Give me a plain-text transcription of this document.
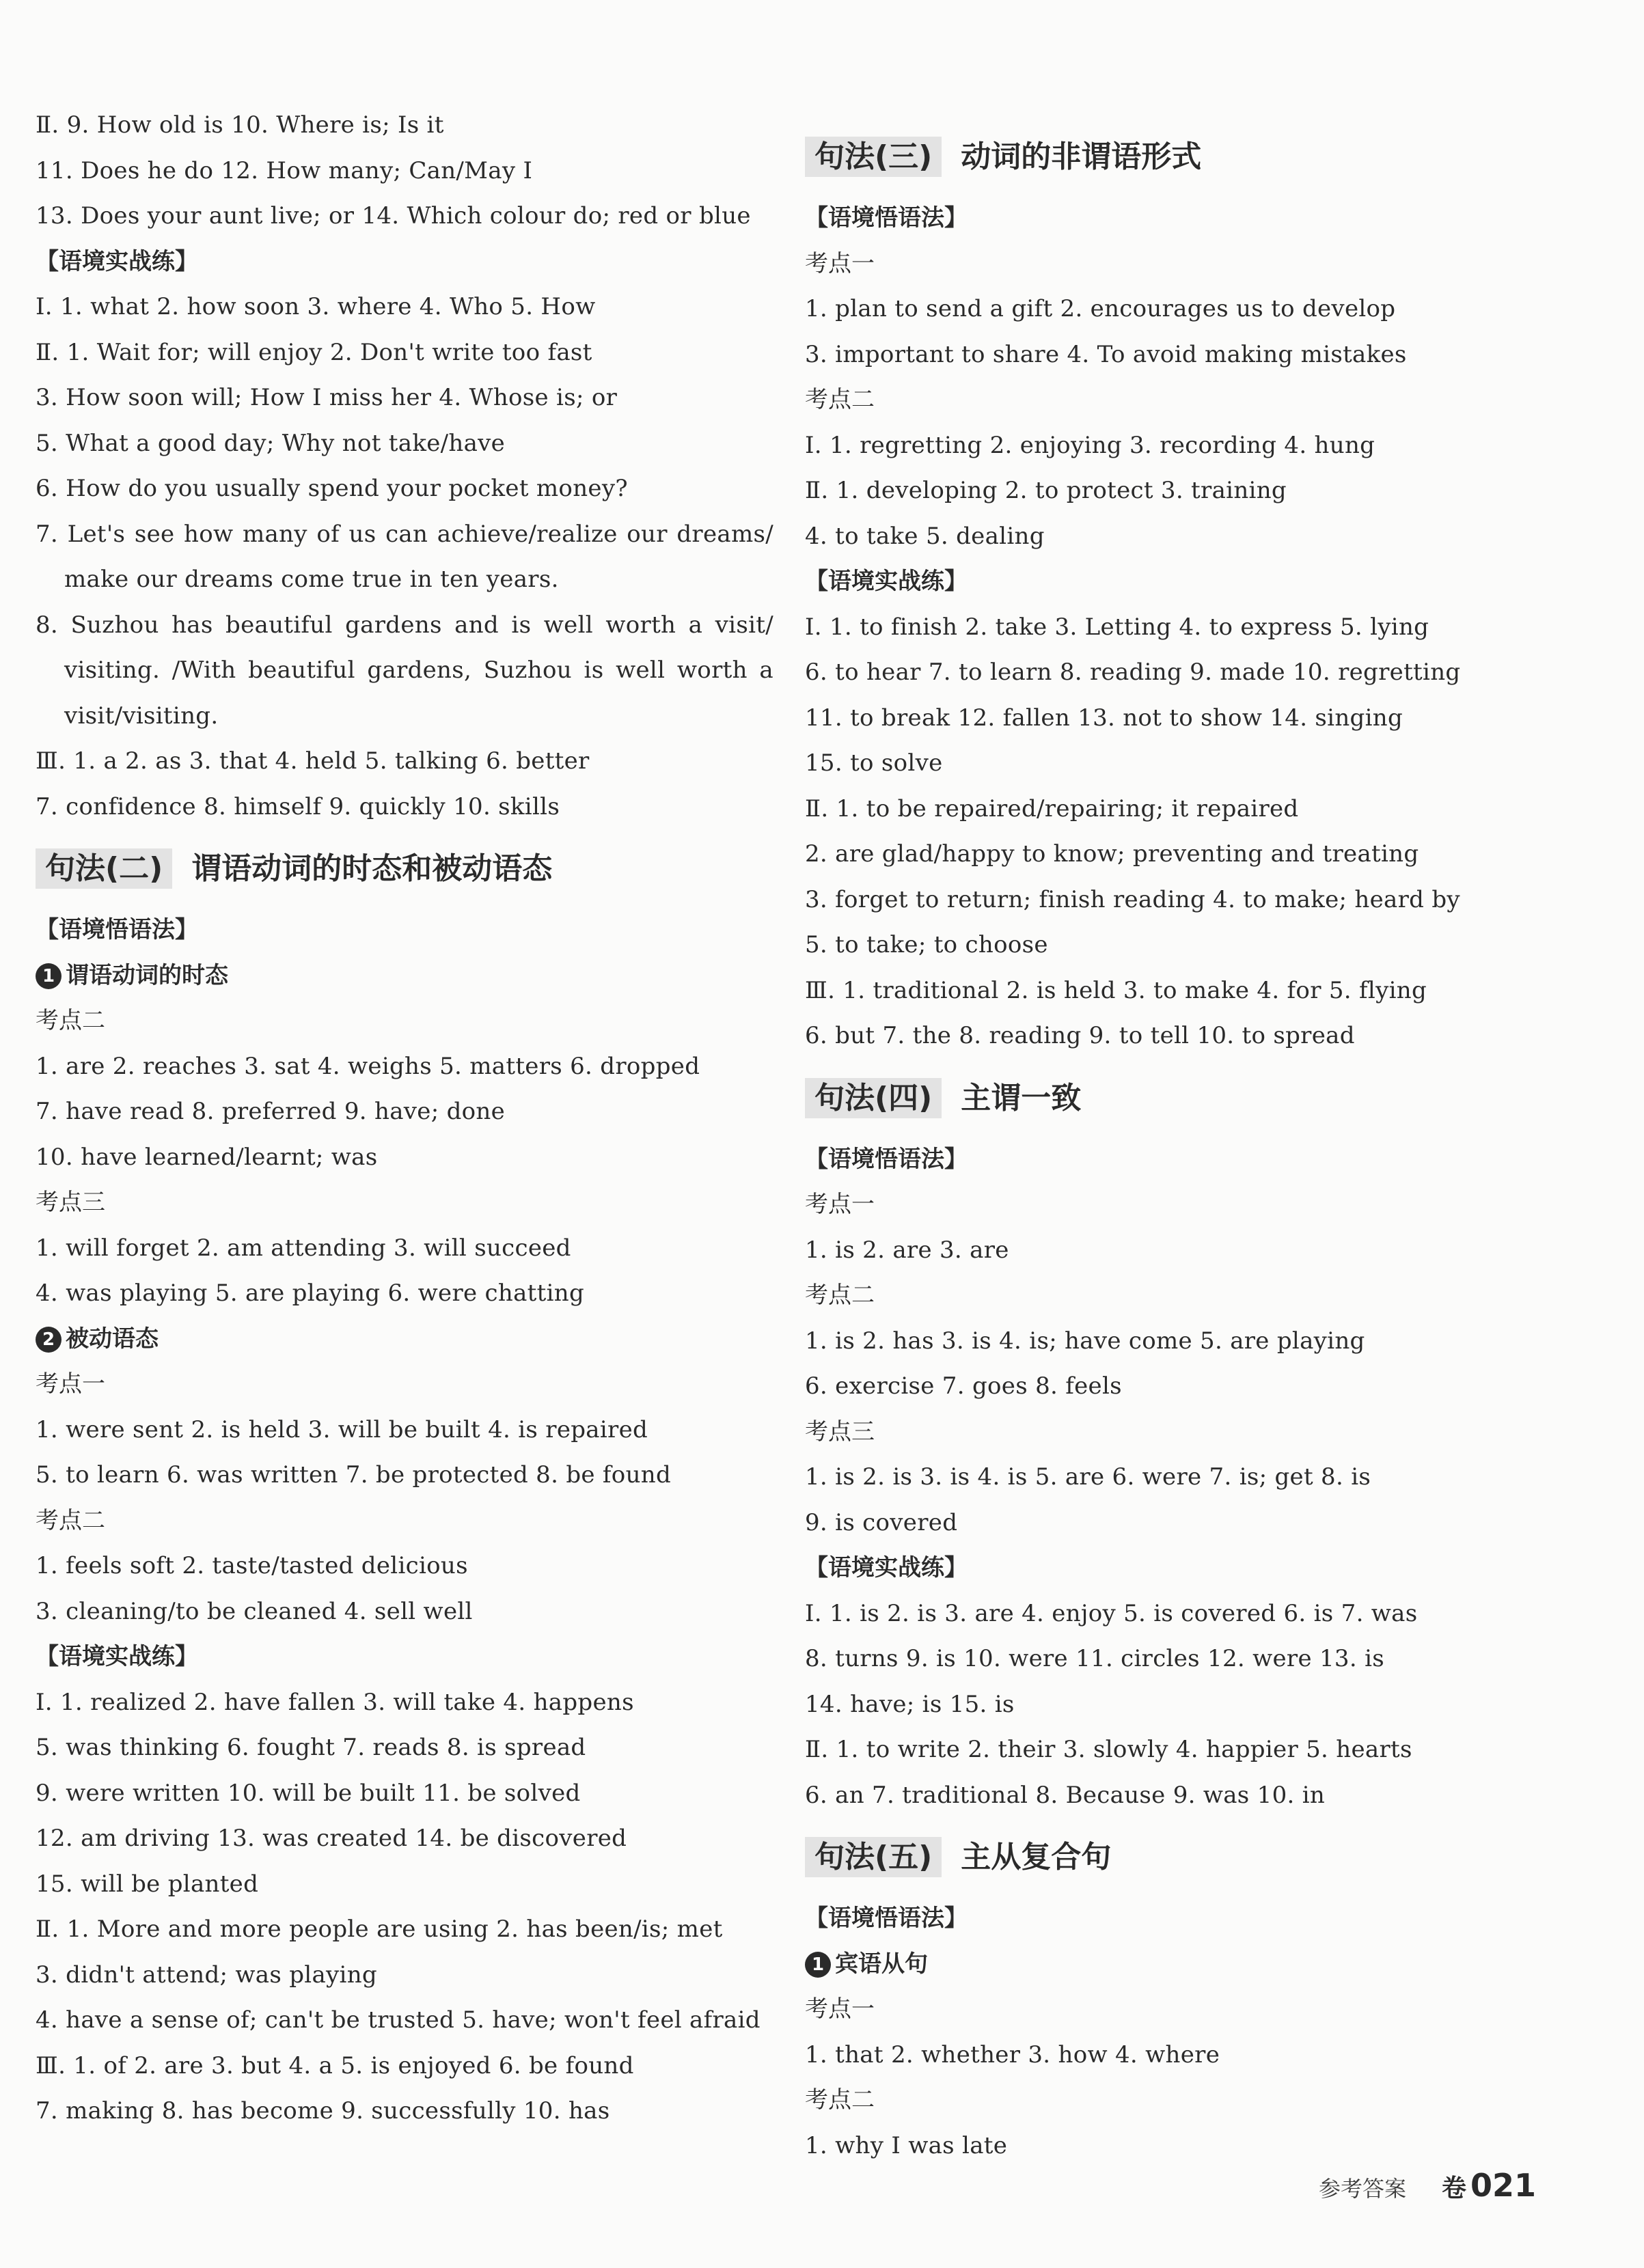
Ⅱ. 9. How old is 10. Where is; Is it
11. Does he do 12. How many; Can/May I
13. Does your aunt live; or 14. Which colour do; red or blue
【语境实战练】
Ⅰ. 1. what 2. how soon 3. where 4. Who 5. How
Ⅱ. 1. Wait for; will enjoy 2. Don't write too fast
3. How soon will; How I miss her 4. Whose is; or
5. What a good day; Why not take/have
6. How do you usually spend your pocket money?
7. Let's see how many of us can achieve/realize our dreams/
make our dreams come true in ten years.
8. Suzhou has beautiful gardens and is well worth a visit/
visiting. /With beautiful gardens, Suzhou is well worth a
visit/visiting.
Ⅲ. 1. a 2. as 3. that 4. held 5. talking 6. better
7. confidence 8. himself 9. quickly 10. skills
句法(二) 谓语动词的时态和被动语态
【语境悟语法】
1 谓语动词的时态
考点二
1. are 2. reaches 3. sat 4. weighs 5. matters 6. dropped
7. have read 8. preferred 9. have; done
10. have learned/learnt; was
考点三
1. will forget 2. am attending 3. will succeed
4. was playing 5. are playing 6. were chatting
2 被动语态
考点一
1. were sent 2. is held 3. will be built 4. is repaired
5. to learn 6. was written 7. be protected 8. be found
考点二
1. feels soft 2. taste/tasted delicious
3. cleaning/to be cleaned 4. sell well
【语境实战练】
Ⅰ. 1. realized 2. have fallen 3. will take 4. happens
5. was thinking 6. fought 7. reads 8. is spread
9. were written 10. will be built 11. be solved
12. am driving 13. was created 14. be discovered
15. will be planted
Ⅱ. 1. More and more people are using 2. has been/is; met
3. didn't attend; was playing
4. have a sense of; can't be trusted 5. have; won't feel afraid
Ⅲ. 1. of 2. are 3. but 4. a 5. is enjoyed 6. be found
7. making 8. has become 9. successfully 10. has
句法(三) 动词的非谓语形式
【语境悟语法】
考点一
1. plan to send a gift 2. encourages us to develop
3. important to share 4. To avoid making mistakes
考点二
Ⅰ. 1. regretting 2. enjoying 3. recording 4. hung
Ⅱ. 1. developing 2. to protect 3. training
4. to take 5. dealing
【语境实战练】
Ⅰ. 1. to finish 2. take 3. Letting 4. to express 5. lying
6. to hear 7. to learn 8. reading 9. made 10. regretting
11. to break 12. fallen 13. not to show 14. singing
15. to solve
Ⅱ. 1. to be repaired/repairing; it repaired
2. are glad/happy to know; preventing and treating
3. forget to return; finish reading 4. to make; heard by
5. to take; to choose
Ⅲ. 1. traditional 2. is held 3. to make 4. for 5. flying
6. but 7. the 8. reading 9. to tell 10. to spread
句法(四) 主谓一致
【语境悟语法】
考点一
1. is 2. are 3. are
考点二
1. is 2. has 3. is 4. is; have come 5. are playing
6. exercise 7. goes 8. feels
考点三
1. is 2. is 3. is 4. is 5. are 6. were 7. is; get 8. is
9. is covered
【语境实战练】
Ⅰ. 1. is 2. is 3. are 4. enjoy 5. is covered 6. is 7. was
8. turns 9. is 10. were 11. circles 12. were 13. is
14. have; is 15. is
Ⅱ. 1. to write 2. their 3. slowly 4. happier 5. hearts
6. an 7. traditional 8. Because 9. was 10. in
句法(五) 主从复合句
【语境悟语法】
1 宾语从句
考点一
1. that 2. whether 3. how 4. where
考点二
1. why I was late
参考答案 卷 021
